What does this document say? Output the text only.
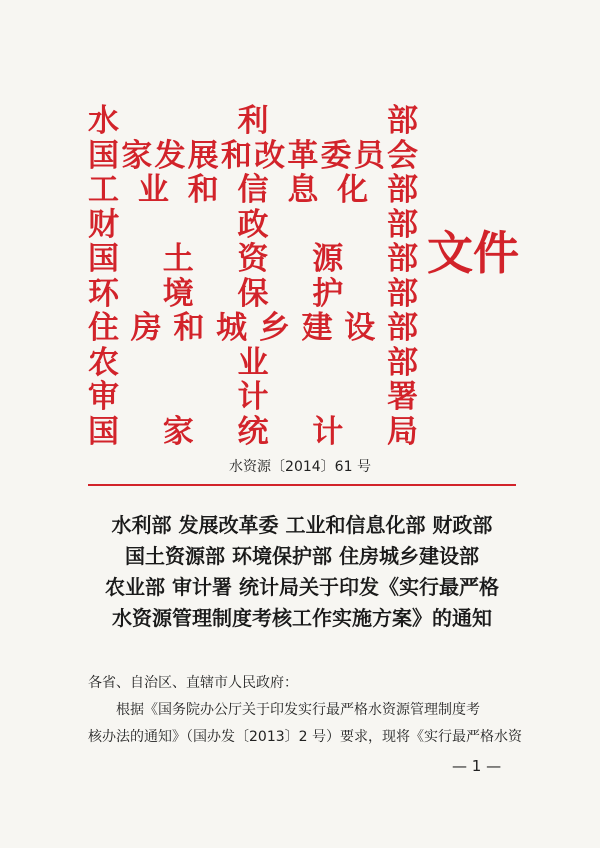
水	利	部
国 家 发 展 和 改 革 委 员 会
工 业 和 信 息 化 部
财	政	部
国 土 资 源 部
环 境 保 护 部
住 房 和 城 乡 建 设 部
农	业	部
审	计	署
国 家 统 计 局
文件
水资源〔2014〕61 号
水利部 发展改革委 工业和信息化部 财政部
国土资源部 环境保护部 住房城乡建设部
农业部 审计署 统计局关于印发《实行最严格
水资源管理制度考核工作实施方案》的通知
各省、自治区、直辖市人民政府：
根据《国务院办公厅关于印发实行最严格水资源管理制度考
核办法的通知》（国办发〔2013〕2 号）要求，现将《实行最严格水资
— 1 —
